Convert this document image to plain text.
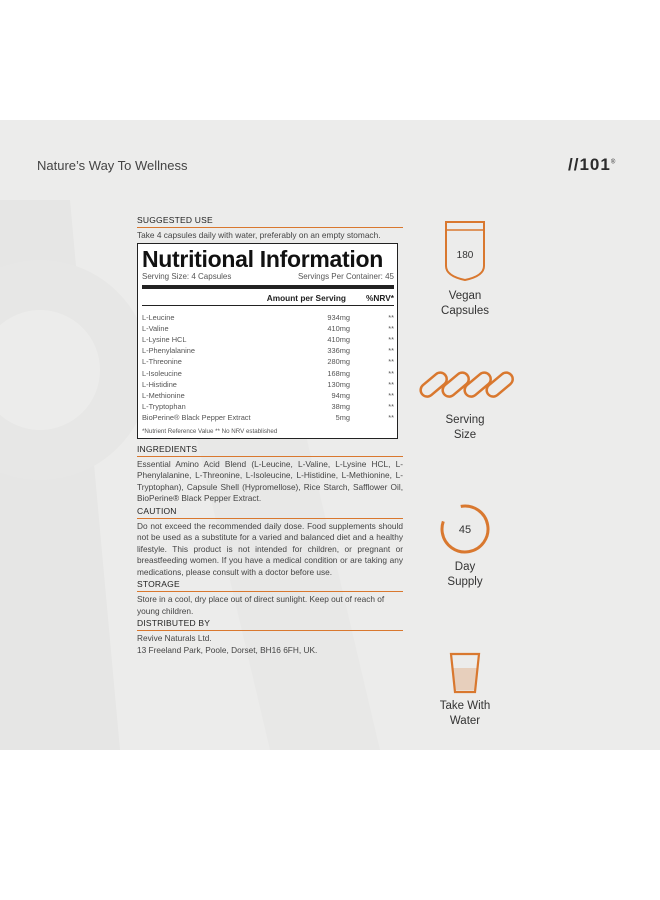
Nature’s Way To Wellness	//101®
SUGGESTED USE
Take 4 capsules daily with water, preferably on an empty stomach.
Nutritional Information
Serving Size: 4 Capsules	Servings Per Container: 45
Amount per Serving	%NRV*
L-Leucine	934mg	**
L-Valine	410mg	**
L-Lysine HCL	410mg	**
L-Phenylalanine	336mg	**
L-Threonine	280mg	**
L-Isoleucine	168mg	**
L-Histidine	130mg	**
L-Methionine	94mg	**
L-Tryptophan	38mg	**
BioPerine® Black Pepper Extract	5mg	**
*Nutrient Reference Value ** No NRV established
INGREDIENTS
Essential Amino Acid Blend (L-Leucine, L-Valine, L-Lysine HCL, L-Phenylalanine, L-Threonine, L-Isoleucine, L-Histidine, L-Methionine, L-Tryptophan), Capsule Shell (Hypromellose), Rice Starch, Safflower Oil, BioPerine® Black Pepper Extract.
CAUTION
Do not exceed the recommended daily dose. Food supplements should not be used as a substitute for a varied and balanced diet and a healthy lifestyle. This product is not intended for children, or pregnant or breastfeeding women. If you have a medical condition or are taking any medications, please consult with a doctor before use.
STORAGE
Store in a cool, dry place out of direct sunlight. Keep out of reach of young children.
DISTRIBUTED BY
Revive Naturals Ltd.
13 Freeland Park, Poole, Dorset, BH16 6FH, UK.
180
Vegan
Capsules
Serving
Size
45
Day
Supply
Take With
Water
